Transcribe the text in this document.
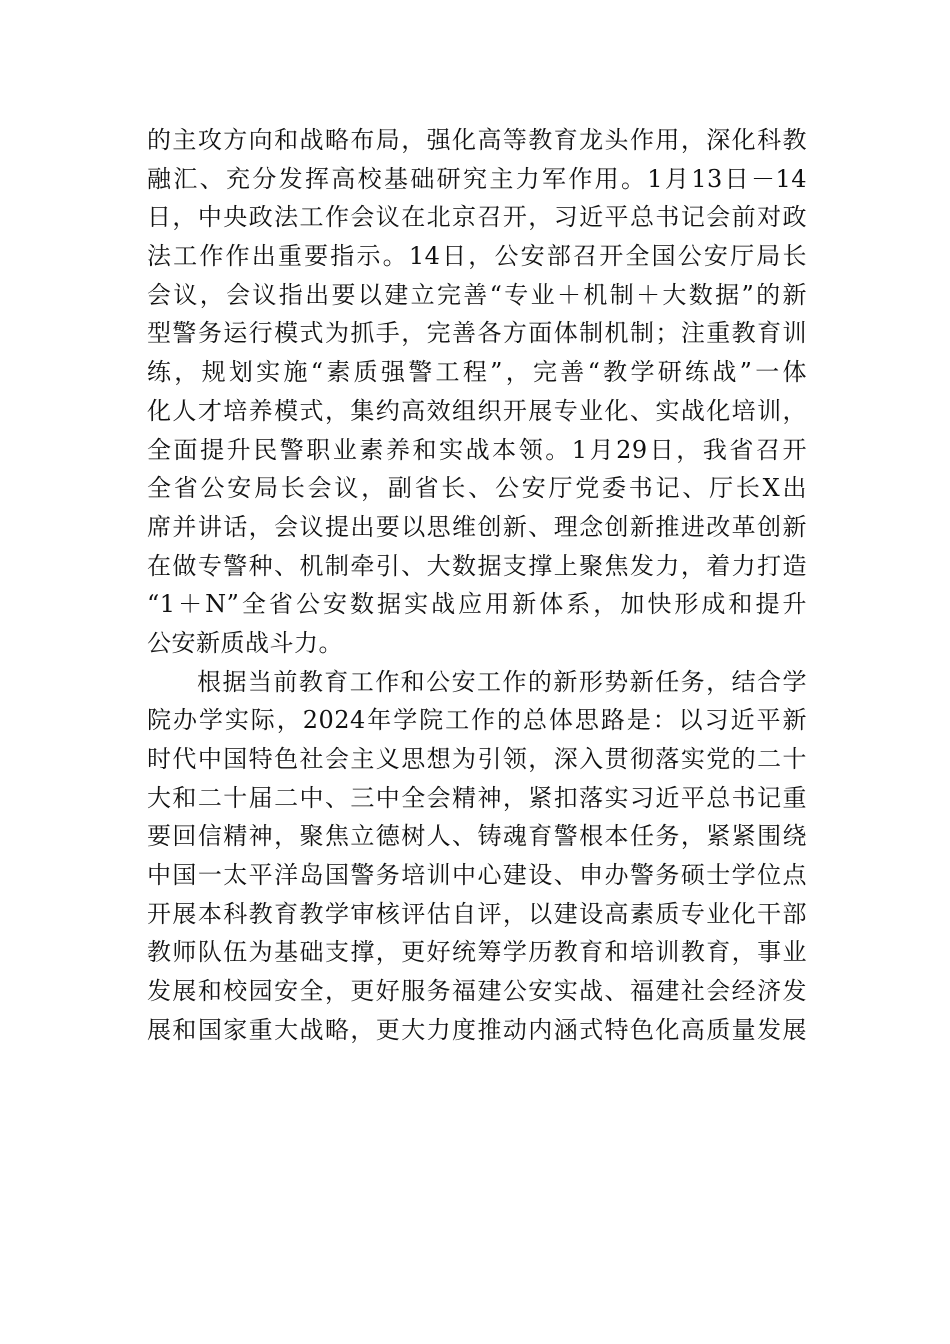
的主攻方向和战略布局，强化高等教育龙头作用，深化科教
融汇、充分发挥高校基础研究主力军作用。1月13日－14
日，中央政法工作会议在北京召开，习近平总书记会前对政
法工作作出重要指示。14日，公安部召开全国公安厅局长
会议，会议指出要以建立完善“专业＋机制＋大数据”的新
型警务运行模式为抓手，完善各方面体制机制；注重教育训
练，规划实施“素质强警工程”，完善“教学研练战”一体
化人才培养模式，集约高效组织开展专业化、实战化培训，
全面提升民警职业素养和实战本领。1月29日，我省召开
全省公安局长会议，副省长、公安厅党委书记、厅长X出
席并讲话，会议提出要以思维创新、理念创新推进改革创新
在做专警种、机制牵引、大数据支撑上聚焦发力，着力打造
“1＋N”全省公安数据实战应用新体系，加快形成和提升
公安新质战斗力。
根据当前教育工作和公安工作的新形势新任务，结合学
院办学实际，2024年学院工作的总体思路是：以习近平新
时代中国特色社会主义思想为引领，深入贯彻落实党的二十
大和二十届二中、三中全会精神，紧扣落实习近平总书记重
要回信精神，聚焦立德树人、铸魂育警根本任务，紧紧围绕
中国一太平洋岛国警务培训中心建设、申办警务硕士学位点
开展本科教育教学审核评估自评，以建设高素质专业化干部
教师队伍为基础支撑，更好统筹学历教育和培训教育，事业
发展和校园安全，更好服务福建公安实战、福建社会经济发
展和国家重大战略，更大力度推动内涵式特色化高质量发展
